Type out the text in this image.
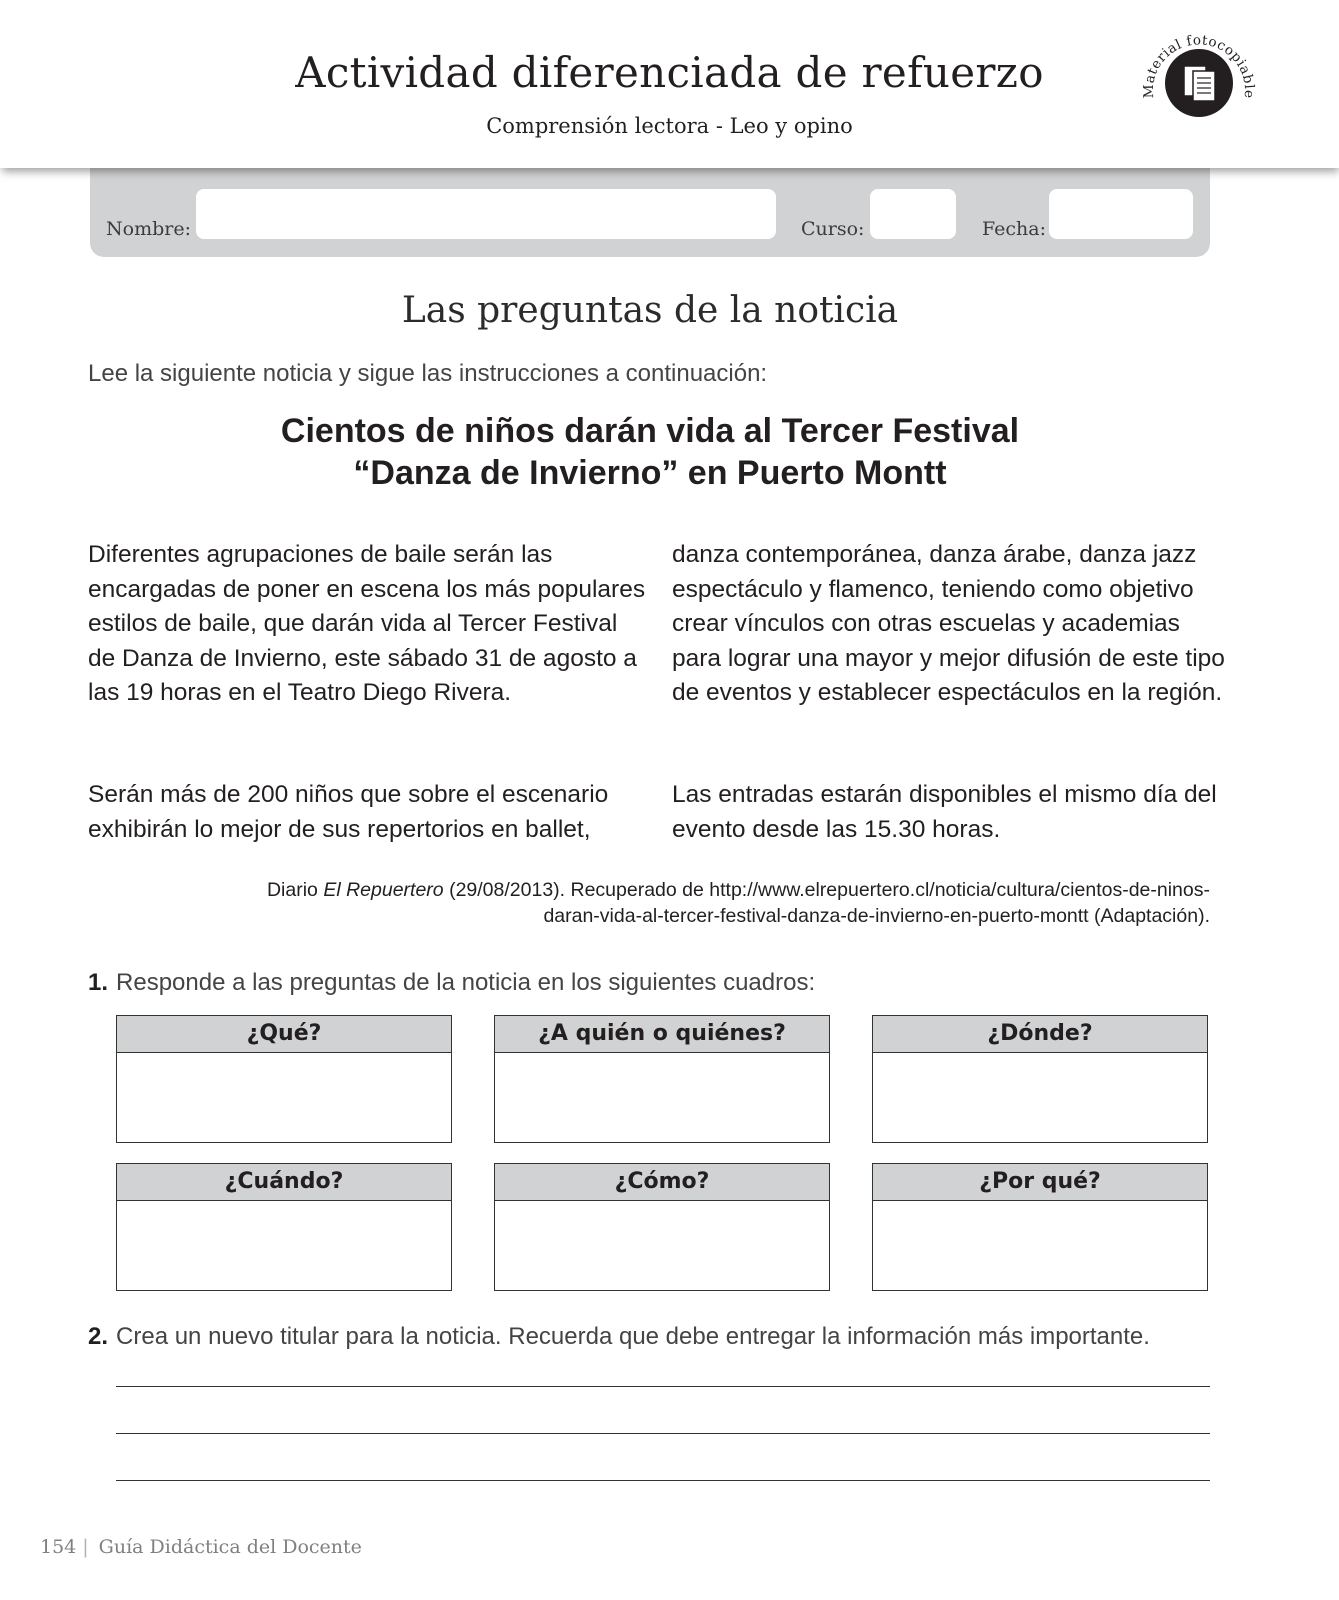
Actividad diferenciada de refuerzo
Comprensión lectora - Leo y opino
Material fotocopiable
Nombre:	Curso:	Fecha:
Las preguntas de la noticia
Lee la siguiente noticia y sigue las instrucciones a continuación:
Cientos de niños darán vida al Tercer Festival
“Danza de Invierno” en Puerto Montt
Diferentes agrupaciones de baile serán las encargadas de poner en escena los más populares estilos de baile, que darán vida al Tercer Festival de Danza de Invierno, este sábado 31 de agosto a las 19 horas en el Teatro Diego Rivera.
Serán más de 200 niños que sobre el escenario exhibirán lo mejor de sus repertorios en ballet,
danza contemporánea, danza árabe, danza jazz espectáculo y flamenco, teniendo como objetivo crear vínculos con otras escuelas y academias para lograr una mayor y mejor difusión de este tipo de eventos y establecer espectáculos en la región.
Las entradas estarán disponibles el mismo día del evento desde las 15.30 horas.
Diario El Repuertero (29/08/2013). Recuperado de http://www.elrepuertero.cl/noticia/cultura/cientos-de-ninos-
daran-vida-al-tercer-festival-danza-de-invierno-en-puerto-montt (Adaptación).
1. Responde a las preguntas de la noticia en los siguientes cuadros:
¿Qué?	¿A quién o quiénes?	¿Dónde?
¿Cuándo?	¿Cómo?	¿Por qué?
2. Crea un nuevo titular para la noticia. Recuerda que debe entregar la información más importante.
154 | Guía Didáctica del Docente
